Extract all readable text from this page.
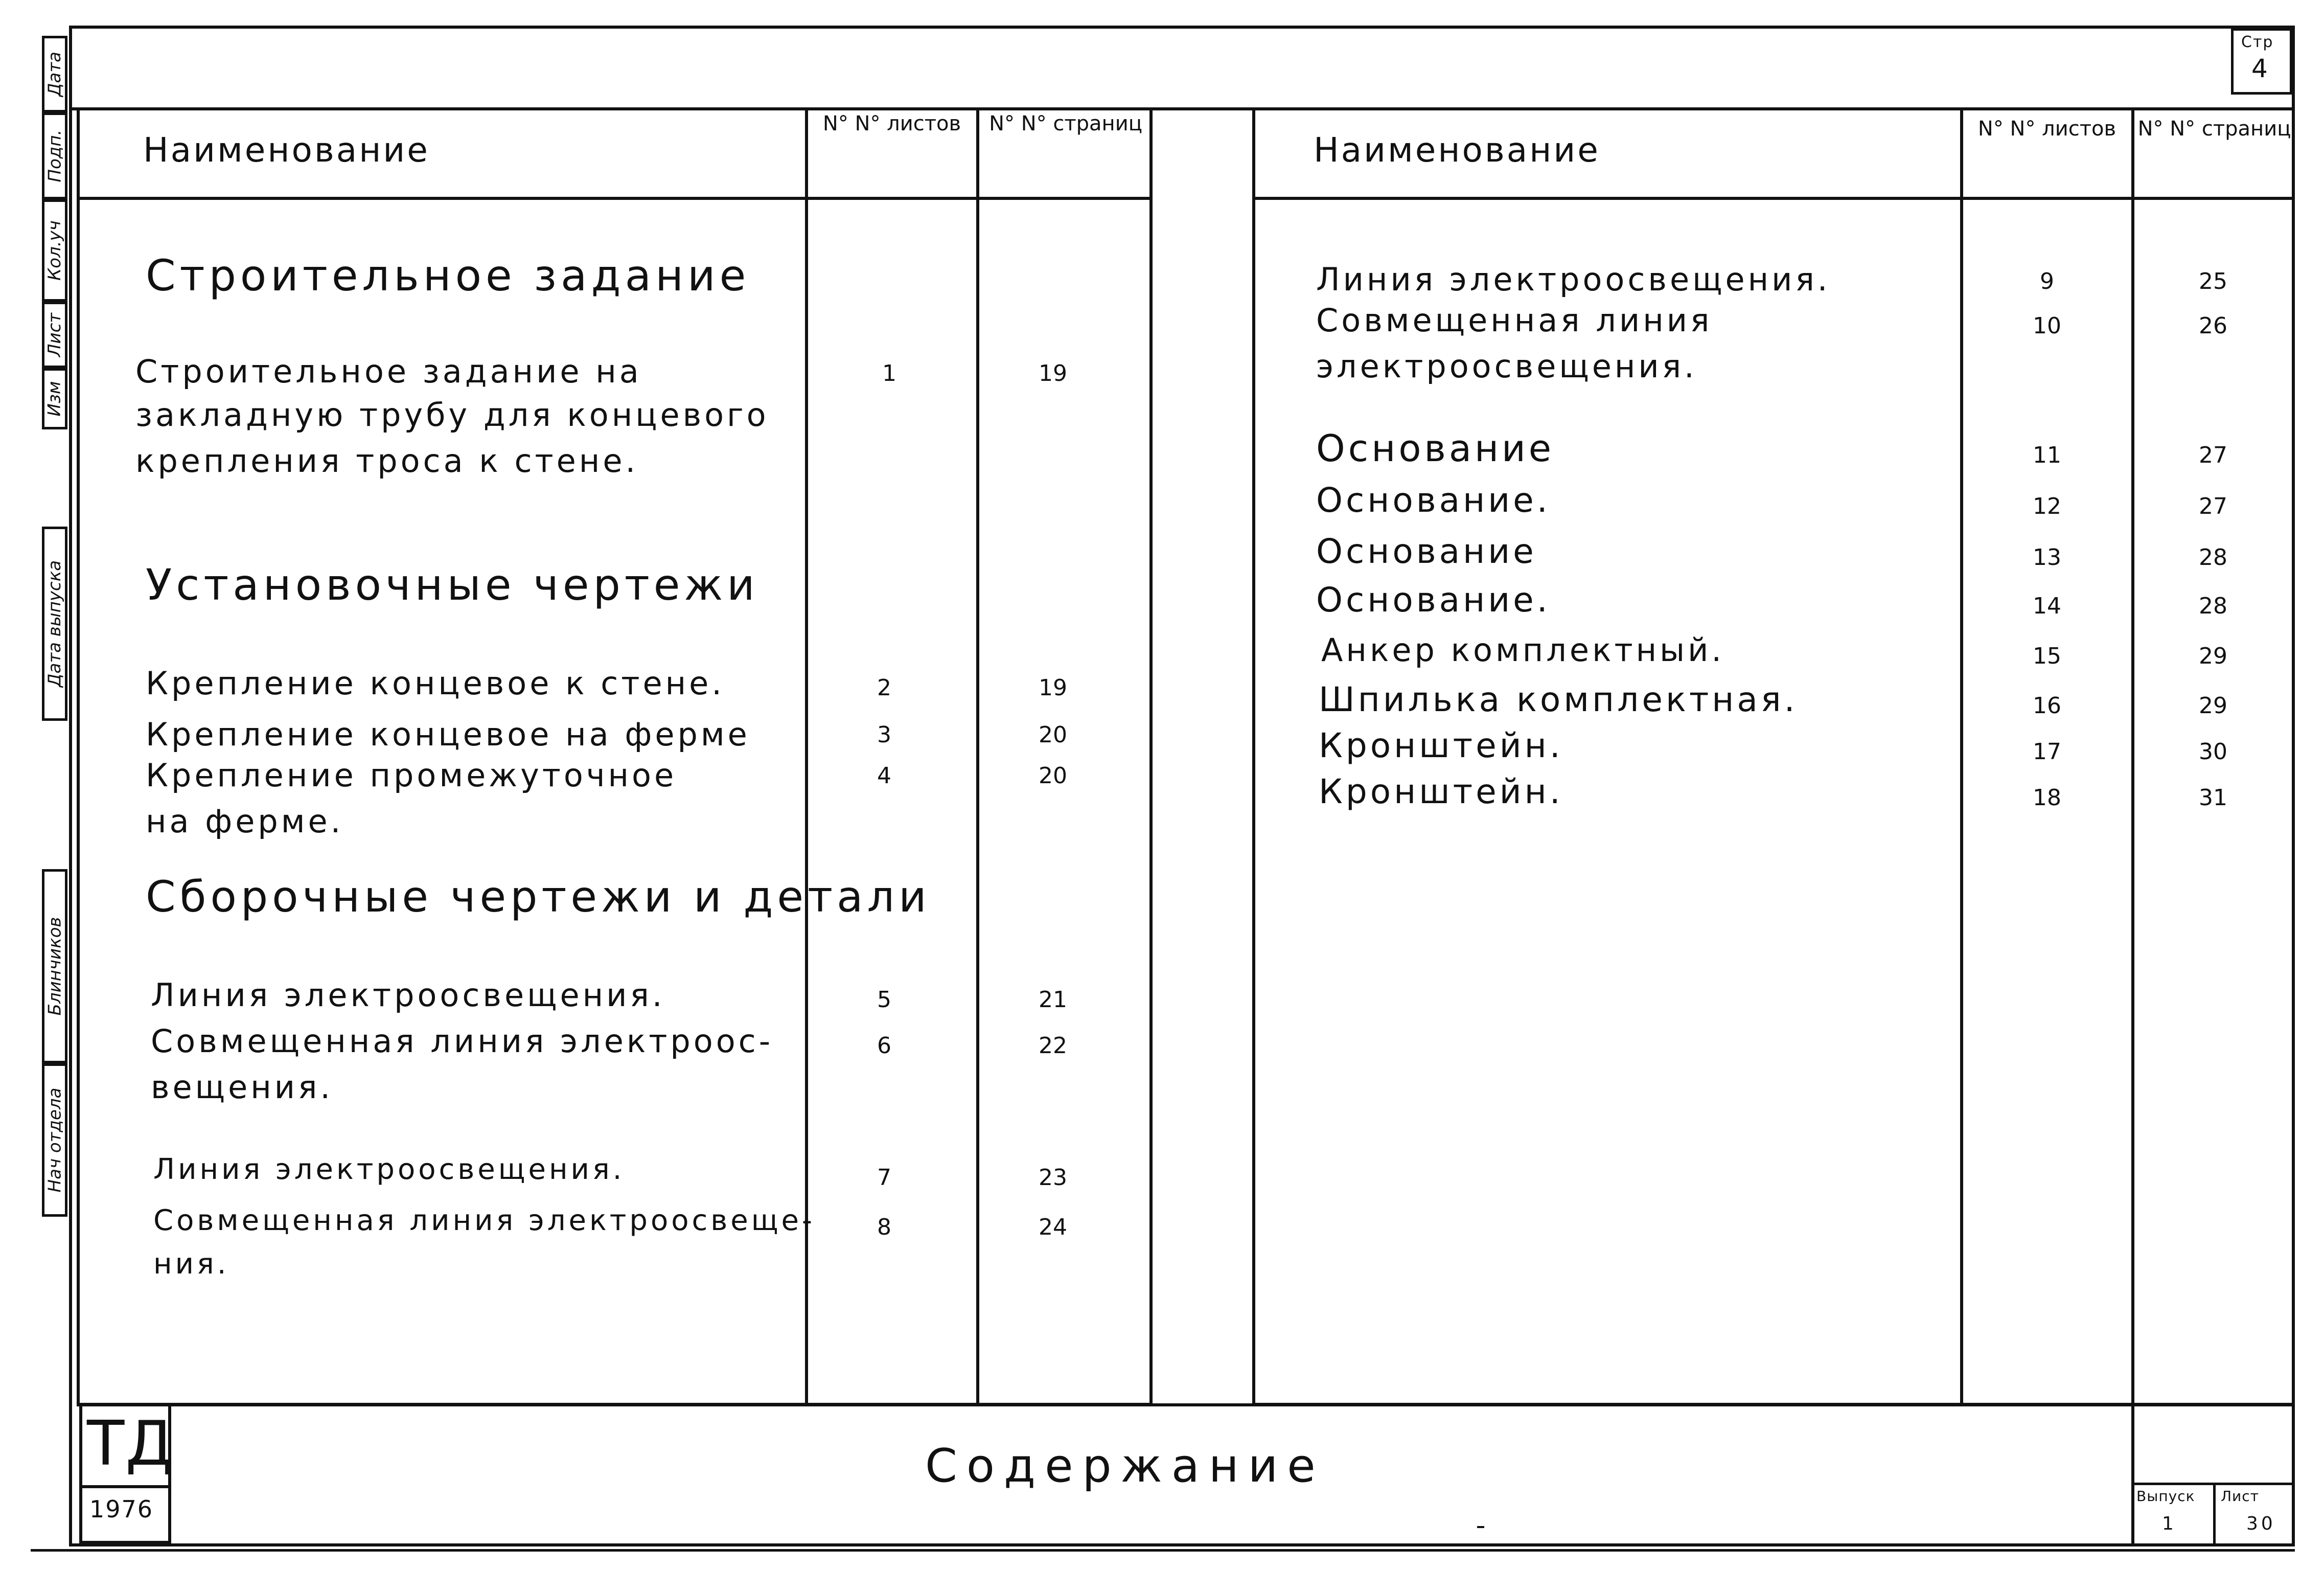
Дата
Подп.
Кол.уч
Лист
Изм
Дата выпуска
Блинчиков
Нач отдела
Стр
4
Наименование
N° N° листов	N° N° страниц
Строительное задание
Строительное задание на	1	19
закладную трубу для концевого
крепления троса к стене.
Установочные чертежи
Крепление концевое к стене.	2	19
Крепление концевое на ферме	3	20
Крепление промежуточное	4	20
на ферме.
Сборочные чертежи и детали
Линия электроосвещения.	5	21
Совмещенная линия электроос-	6	22
вещения.
Линия электроосвещения.	7	23
Совмещенная линия электроосвеще-	8	24
ния.
Наименование
N° N° листов	N° N° страниц
Линия электроосвещения.	9	25
Совмещенная линия	10	26
электроосвещения.
Основание	11	27
Основание.	12	27
Основание	13	28
Основание.	14	28
Анкер комплектный.	15	29
Шпилька комплектная.	16	29
Кронштейн.	17	30
Кронштейн.	18	31
ТД
1976
Содержание
Выпуск
1
Лист
30
